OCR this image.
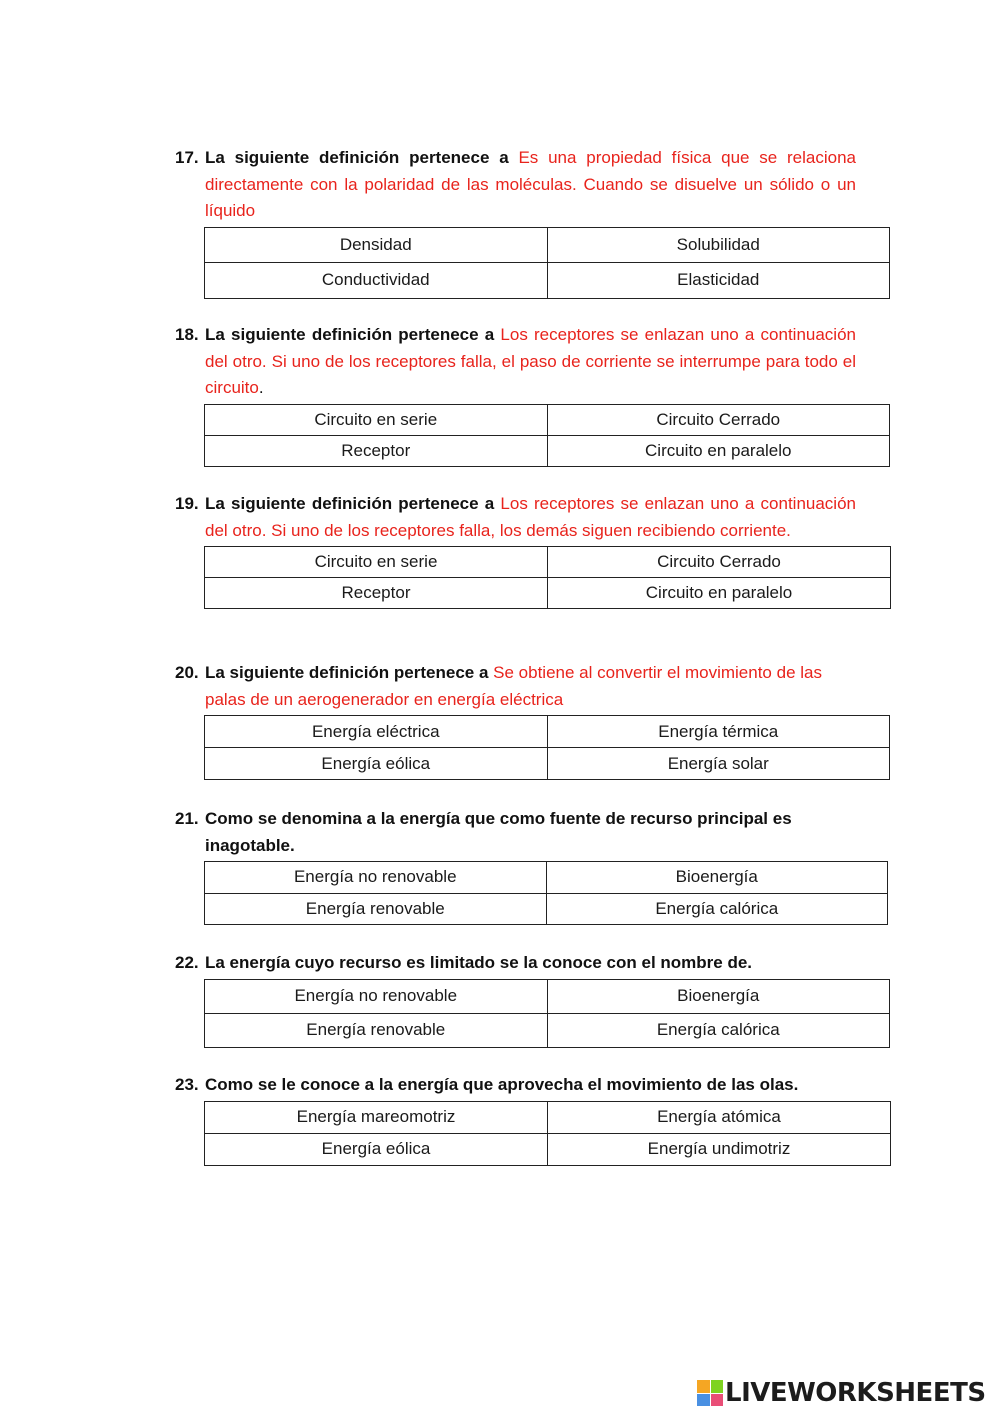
17. La siguiente definición pertenece a Es una propiedad física que se relaciona directamente con la polaridad de las moléculas. Cuando se disuelve un sólido o un líquido
Densidad	Solubilidad
Conductividad	Elasticidad
18. La siguiente definición pertenece a Los receptores se enlazan uno a continuación del otro. Si uno de los receptores falla, el paso de corriente se interrumpe para todo el circuito.
Circuito en serie	Circuito Cerrado
Receptor	Circuito en paralelo
19. La siguiente definición pertenece a Los receptores se enlazan uno a continuación del otro. Si uno de los receptores falla, los demás siguen recibiendo corriente.
Circuito en serie	Circuito Cerrado
Receptor	Circuito en paralelo
20. La siguiente definición pertenece a Se obtiene al convertir el movimiento de las palas de un aerogenerador en energía eléctrica
Energía eléctrica	Energía térmica
Energía eólica	Energía solar
21. Como se denomina a la energía que como fuente de recurso principal es inagotable.
Energía no renovable	Bioenergía
Energía renovable	Energía calórica
22. La energía cuyo recurso es limitado se la conoce con el nombre de.
Energía no renovable	Bioenergía
Energía renovable	Energía calórica
23. Como se le conoce a la energía que aprovecha el movimiento de las olas.
Energía mareomotriz	Energía atómica
Energía eólica	Energía undimotriz
LIVEWORKSHEETS
